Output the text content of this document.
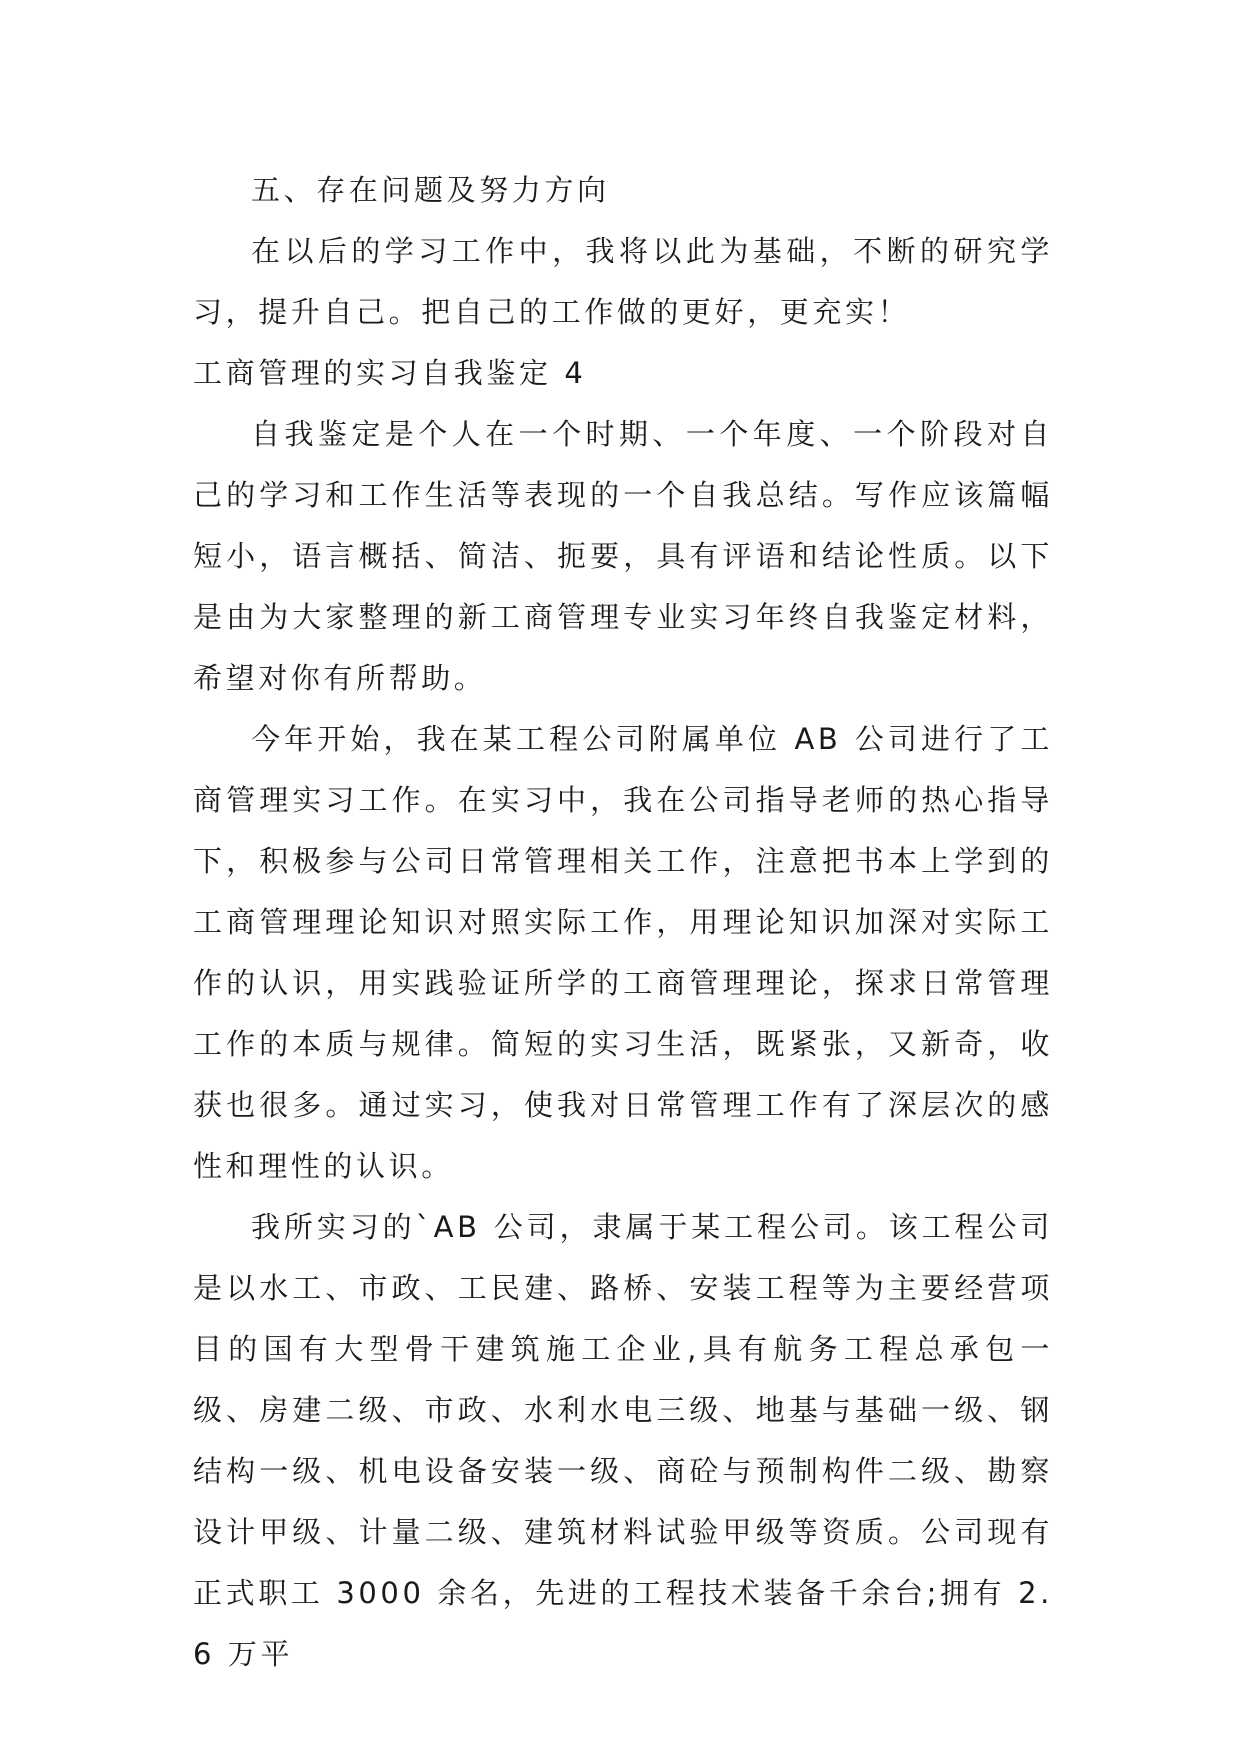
五、存在问题及努力方向

在以后的学习工作中，我将以此为基础，不断的研究学习，提升自己。把自己的工作做的更好，更充实！

工商管理的实习自我鉴定 4

自我鉴定是个人在一个时期、一个年度、一个阶段对自己的学习和工作生活等表现的一个自我总结。写作应该篇幅短小，语言概括、简洁、扼要，具有评语和结论性质。以下是由为大家整理的新工商管理专业实习年终自我鉴定材料，希望对你有所帮助。

今年开始，我在某工程公司附属单位 AB 公司进行了工商管理实习工作。在实习中，我在公司指导老师的热心指导下，积极参与公司日常管理相关工作，注意把书本上学到的工商管理理论知识对照实际工作，用理论知识加深对实际工作的认识，用实践验证所学的工商管理理论，探求日常管理工作的本质与规律。简短的实习生活，既紧张，又新奇，收获也很多。通过实习，使我对日常管理工作有了深层次的感性和理性的认识。

我所实习的`AB 公司，隶属于某工程公司。该工程公司是以水工、市政、工民建、路桥、安装工程等为主要经营项目的国有大型骨干建筑施工企业,具有航务工程总承包一级、房建二级、市政、水利水电三级、地基与基础一级、钢结构一级、机电设备安装一级、商砼与预制构件二级、勘察设计甲级、计量二级、建筑材料试验甲级等资质。公司现有正式职工 3000 余名，先进的工程技术装备千余台;拥有 2.6 万平
